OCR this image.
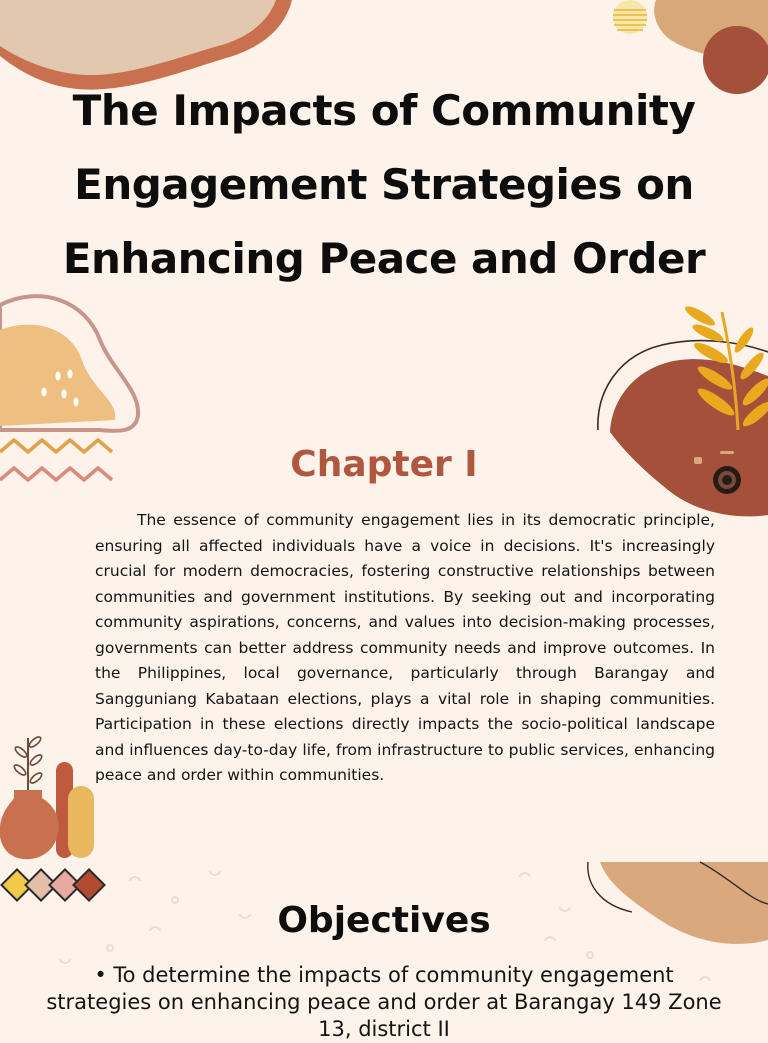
The Impacts of Community Engagement Strategies on Enhancing Peace and Order
Chapter I

The essence of community engagement lies in its democratic principle, ensuring all affected individuals have a voice in decisions. It's increasingly crucial for modern democracies, fostering constructive relationships between communities and government institutions. By seeking out and incorporating community aspirations, concerns, and values into decision-making processes, governments can better address community needs and improve outcomes. In the Philippines, local governance, particularly through Barangay and Sangguniang Kabataan elections, plays a vital role in shaping communities. Participation in these elections directly impacts the socio-political landscape and influences day-to-day life, from infrastructure to public services, enhancing peace and order within communities.

Objectives
• To determine the impacts of community engagement strategies on enhancing peace and order at Barangay 149 Zone 13, district II
